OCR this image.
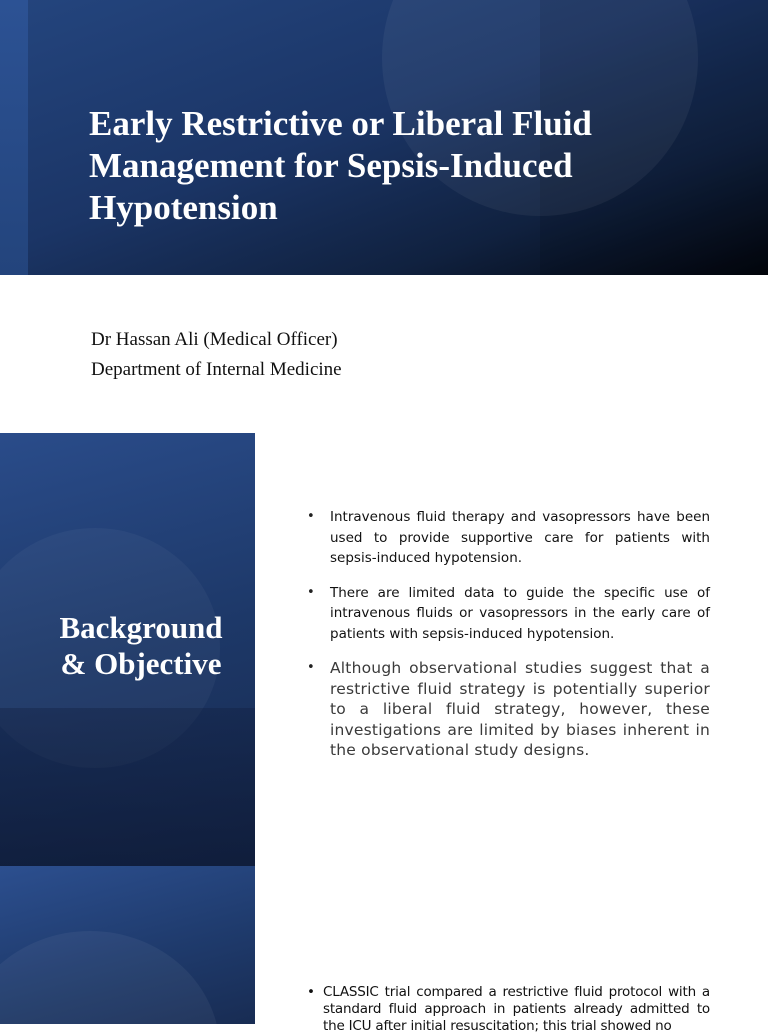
Early Restrictive or Liberal Fluid
Management for Sepsis-Induced
Hypotension
Dr Hassan Ali (Medical Officer)
Department of Internal Medicine
Background
& Objective
• Intravenous fluid therapy and vasopressors have been used to provide supportive care for patients with sepsis-induced hypotension.
• There are limited data to guide the specific use of intravenous fluids or vasopressors in the early care of patients with sepsis-induced hypotension.
• Although observational studies suggest that a restrictive fluid strategy is potentially superior to a liberal fluid strategy, however, these investigations are limited by biases inherent in the observational study designs.
• CLASSIC trial compared a restrictive fluid protocol with a standard fluid approach in patients already admitted to the ICU after initial resuscitation; this trial showed no
